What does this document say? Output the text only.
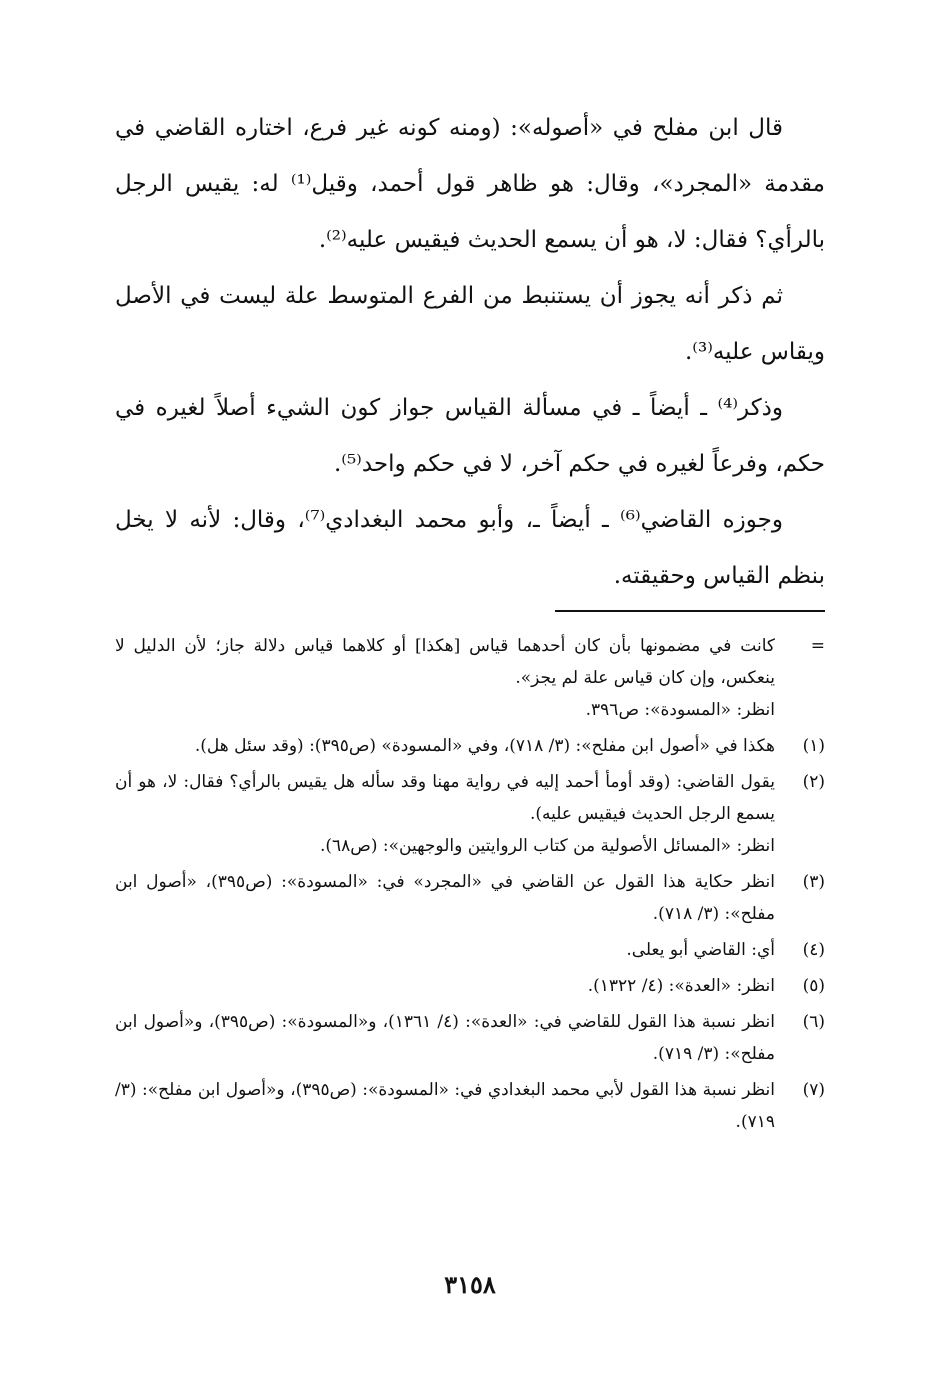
قال ابن مفلح في «أصوله»: (ومنه كونه غير فرع، اختاره القاضي في مقدمة «المجرد»، وقال: هو ظاهر قول أحمد، وقيل⁽¹⁾ له: يقيس الرجل بالرأي؟ فقال: لا، هو أن يسمع الحديث فيقيس عليه⁽²⁾.

ثم ذكر أنه يجوز أن يستنبط من الفرع المتوسط علة ليست في الأصل ويقاس عليه⁽³⁾.

وذكر⁽⁴⁾ ـ أيضاً ـ في مسألة القياس جواز كون الشيء أصلاً لغيره في حكم، وفرعاً لغيره في حكم آخر، لا في حكم واحد⁽⁵⁾.

وجوزه القاضي⁽⁶⁾ ـ أيضاً ـ، وأبو محمد البغدادي⁽⁷⁾، وقال: لأنه لا يخل بنظم القياس وحقيقته.

=
كانت في مضمونها بأن كان أحدهما قياس [هكذا] أو كلاهما قياس دلالة جاز؛ لأن الدليل لا ينعكس، وإن كان قياس علة لم يجز».
انظر: «المسودة»: ص٣٩٦.
(١)
هكذا في «أصول ابن مفلح»: (٣/ ٧١٨)، وفي «المسودة» (ص٣٩٥): (وقد سئل هل).
(٢)
يقول القاضي: (وقد أومأ أحمد إليه في رواية مهنا وقد سأله هل يقيس بالرأي؟ فقال: لا، هو أن يسمع الرجل الحديث فيقيس عليه).
انظر: «المسائل الأصولية من كتاب الروايتين والوجهين»: (ص٦٨).
(٣)
انظر حكاية هذا القول عن القاضي في «المجرد» في: «المسودة»: (ص٣٩٥)، «أصول ابن مفلح»: (٣/ ٧١٨).
(٤)
أي: القاضي أبو يعلى.
(٥)
انظر: «العدة»: (٤/ ١٣٢٢).
(٦)
انظر نسبة هذا القول للقاضي في: «العدة»: (٤/ ١٣٦١)، و«المسودة»: (ص٣٩٥)، و«أصول ابن مفلح»: (٣/ ٧١٩).
(٧)
انظر نسبة هذا القول لأبي محمد البغدادي في: «المسودة»: (ص٣٩٥)، و«أصول ابن مفلح»: (٣/ ٧١٩).
٣١٥٨
